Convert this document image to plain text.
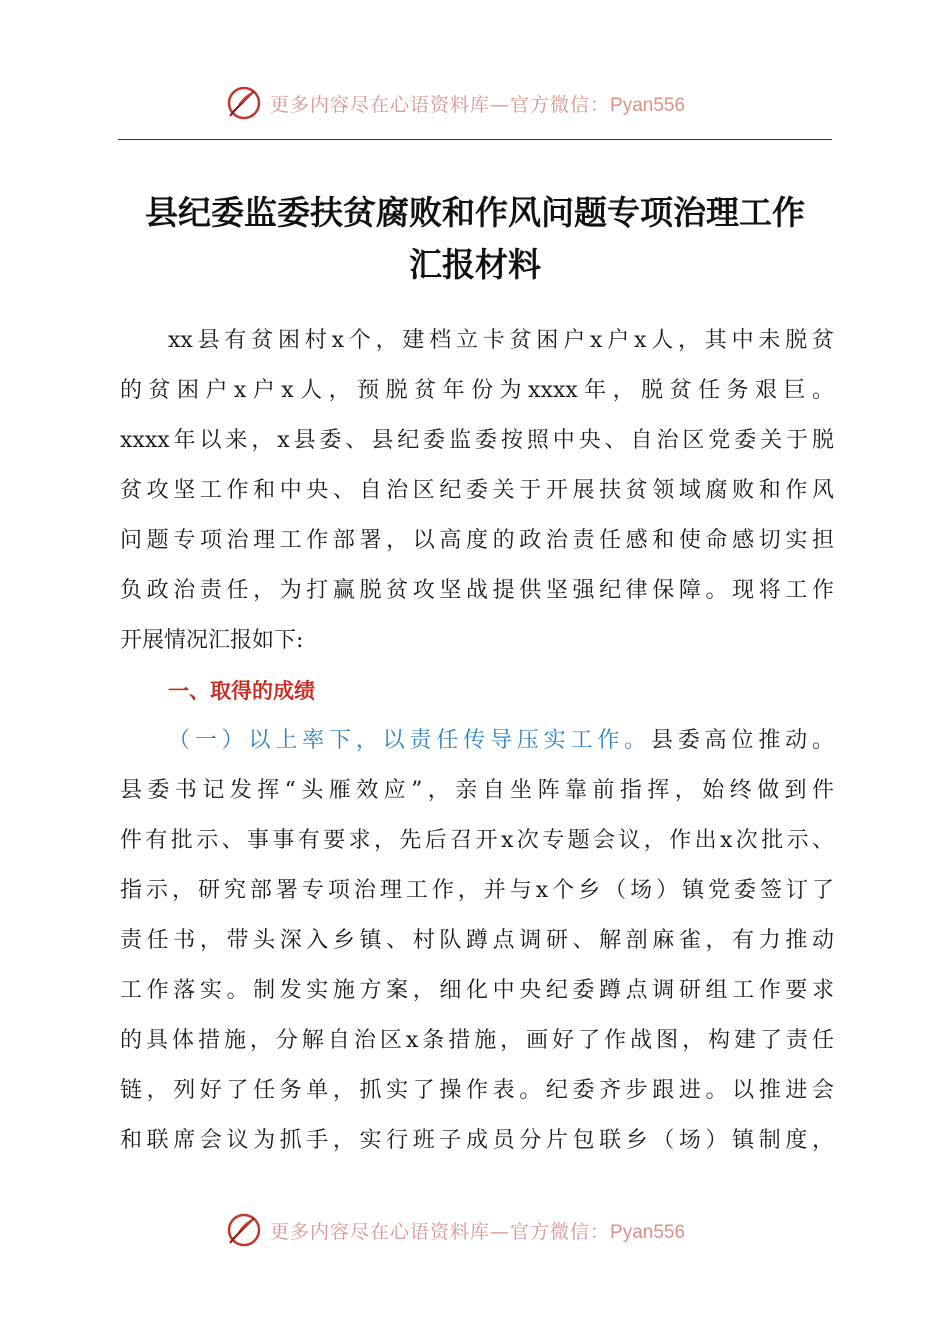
更多内容尽在心语资料库—官方微信：Pyan556
县纪委监委扶贫腐败和作风问题专项治理工作
汇报材料
xx县有贫困村x个，建档立卡贫困户x户x人，其中未脱贫
的贫困户x户x人，预脱贫年份为xxxx年，脱贫任务艰巨。
xxxx年以来，x县委、县纪委监委按照中央、自治区党委关于脱
贫攻坚工作和中央、自治区纪委关于开展扶贫领域腐败和作风
问题专项治理工作部署，以高度的政治责任感和使命感切实担
负政治责任，为打赢脱贫攻坚战提供坚强纪律保障。现将工作
开展情况汇报如下:
一、取得的成绩
（一）以上率下，以责任传导压实工作。县委高位推动。
县委书记发挥“头雁效应”，亲自坐阵靠前指挥，始终做到件
件有批示、事事有要求，先后召开x次专题会议，作出x次批示、
指示，研究部署专项治理工作，并与x个乡（场）镇党委签订了
责任书，带头深入乡镇、村队蹲点调研、解剖麻雀，有力推动
工作落实。制发实施方案，细化中央纪委蹲点调研组工作要求
的具体措施，分解自治区x条措施，画好了作战图，构建了责任
链，列好了任务单，抓实了操作表。纪委齐步跟进。以推进会
和联席会议为抓手，实行班子成员分片包联乡（场）镇制度，
更多内容尽在心语资料库—官方微信：Pyan556
